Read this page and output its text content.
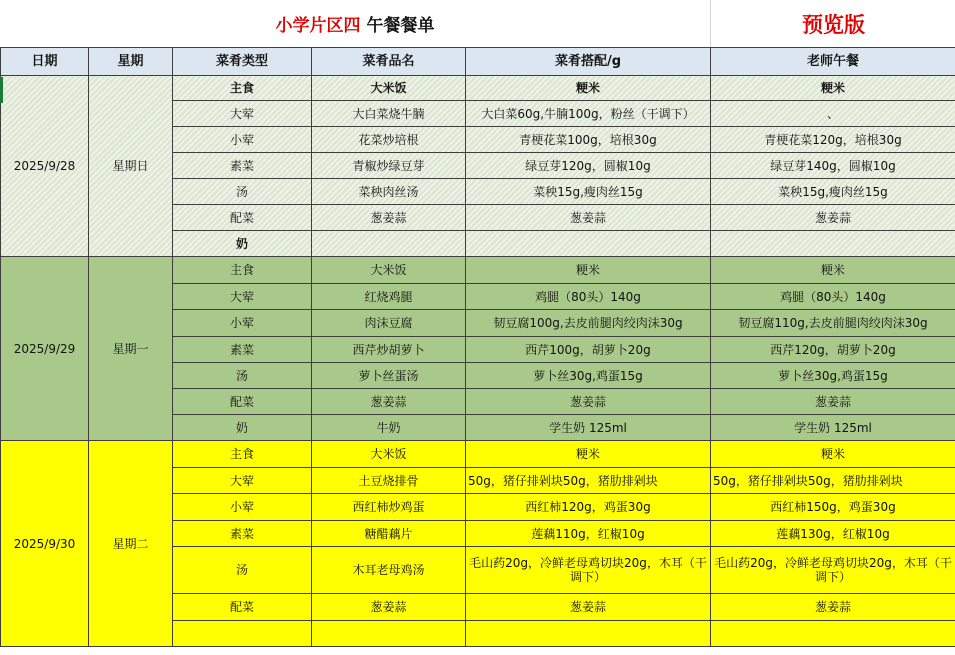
小学片区四 午餐餐单	预览版
日期	星期	菜肴类型	菜肴品名	菜肴搭配/g	老师午餐
2025/9/28	星期日	主食	大米饭	粳米	粳米
		大荤	大白菜烧牛腩	大白菜60g,牛腩100g，粉丝（干调下）	、
		小荤	花菜炒培根	青梗花菜100g，培根30g	青梗花菜120g，培根30g
		素菜	青椒炒绿豆芽	绿豆芽120g，圆椒10g	绿豆芽140g，圆椒10g
		汤	菜秧肉丝汤	菜秧15g,瘦肉丝15g	菜秧15g,瘦肉丝15g
		配菜	葱姜蒜	葱姜蒜	葱姜蒜
		奶			
2025/9/29	星期一	主食	大米饭	粳米	粳米
		大荤	红烧鸡腿	鸡腿（80头）140g	鸡腿（80头）140g
		小荤	肉沫豆腐	韧豆腐100g,去皮前腿肉绞肉沫30g	韧豆腐110g,去皮前腿肉绞肉沫30g
		素菜	西芹炒胡萝卜	西芹100g，胡萝卜20g	西芹120g，胡萝卜20g
		汤	萝卜丝蛋汤	萝卜丝30g,鸡蛋15g	萝卜丝30g,鸡蛋15g
		配菜	葱姜蒜	葱姜蒜	葱姜蒜
		奶	牛奶	学生奶 125ml	学生奶 125ml
2025/9/30	星期二	主食	大米饭	粳米	粳米
		大荤	土豆烧排骨	50g，猪仔排剁块50g，猪肋排剁块	50g，猪仔排剁块50g，猪肋排剁块
		小荤	西红柿炒鸡蛋	西红柿120g，鸡蛋30g	西红柿150g，鸡蛋30g
		素菜	糖醋藕片	莲藕110g，红椒10g	莲藕130g，红椒10g
		汤	木耳老母鸡汤	毛山药20g，冷鲜老母鸡切块20g，木耳（干调下）	毛山药20g，冷鲜老母鸡切块20g，木耳（干调下）
		配菜	葱姜蒜	葱姜蒜	葱姜蒜
